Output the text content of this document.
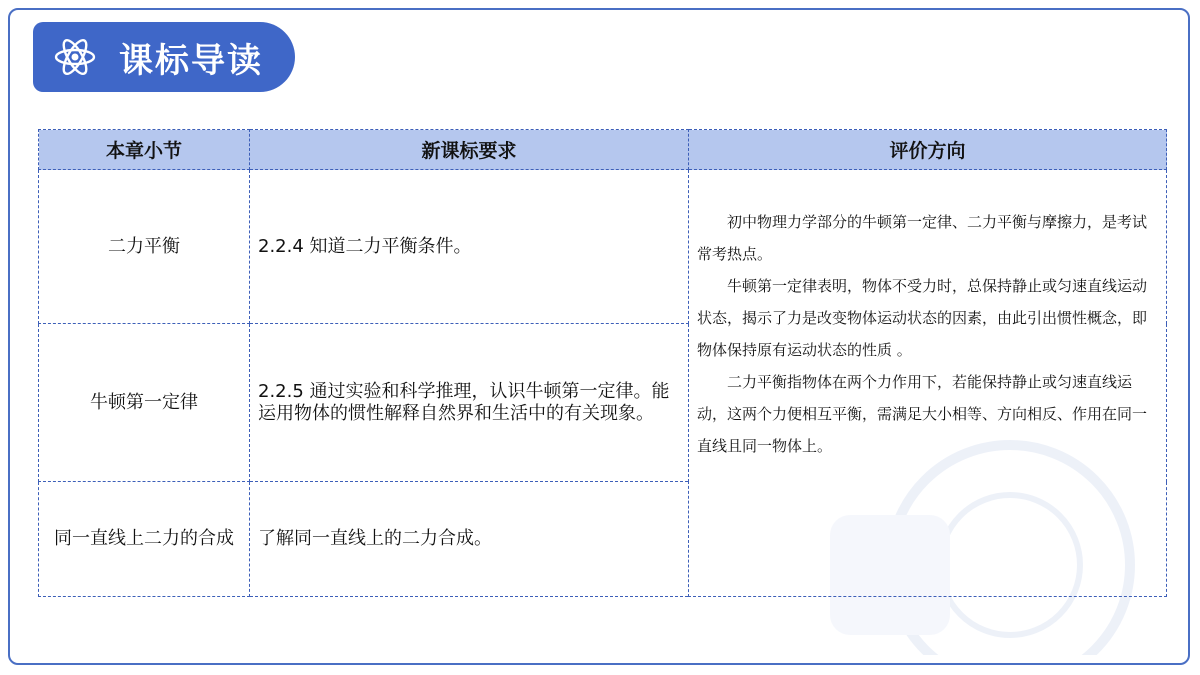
课标导读
本章小节	新课标要求	评价方向
二力平衡	2.2.4 知道二力平衡条件。	初中物理力学部分的牛顿第一定律、二力平衡与摩擦力，是考试常考热点。

牛顿第一定律表明，物体不受力时，总保持静止或匀速直线运动状态，揭示了力是改变物体运动状态的因素，由此引出惯性概念，即物体保持原有运动状态的性质 。

二力平衡指物体在两个力作用下，若能保持静止或匀速直线运动，这两个力便相互平衡，需满足大小相等、方向相反、作用在同一直线且同一物体上。

牛顿第一定律	2.2.5 通过实验和科学推理，认识牛顿第一定律。能运用物体的惯性解释自然界和生活中的有关现象。	
同一直线上二力的合成	了解同一直线上的二力合成。	
